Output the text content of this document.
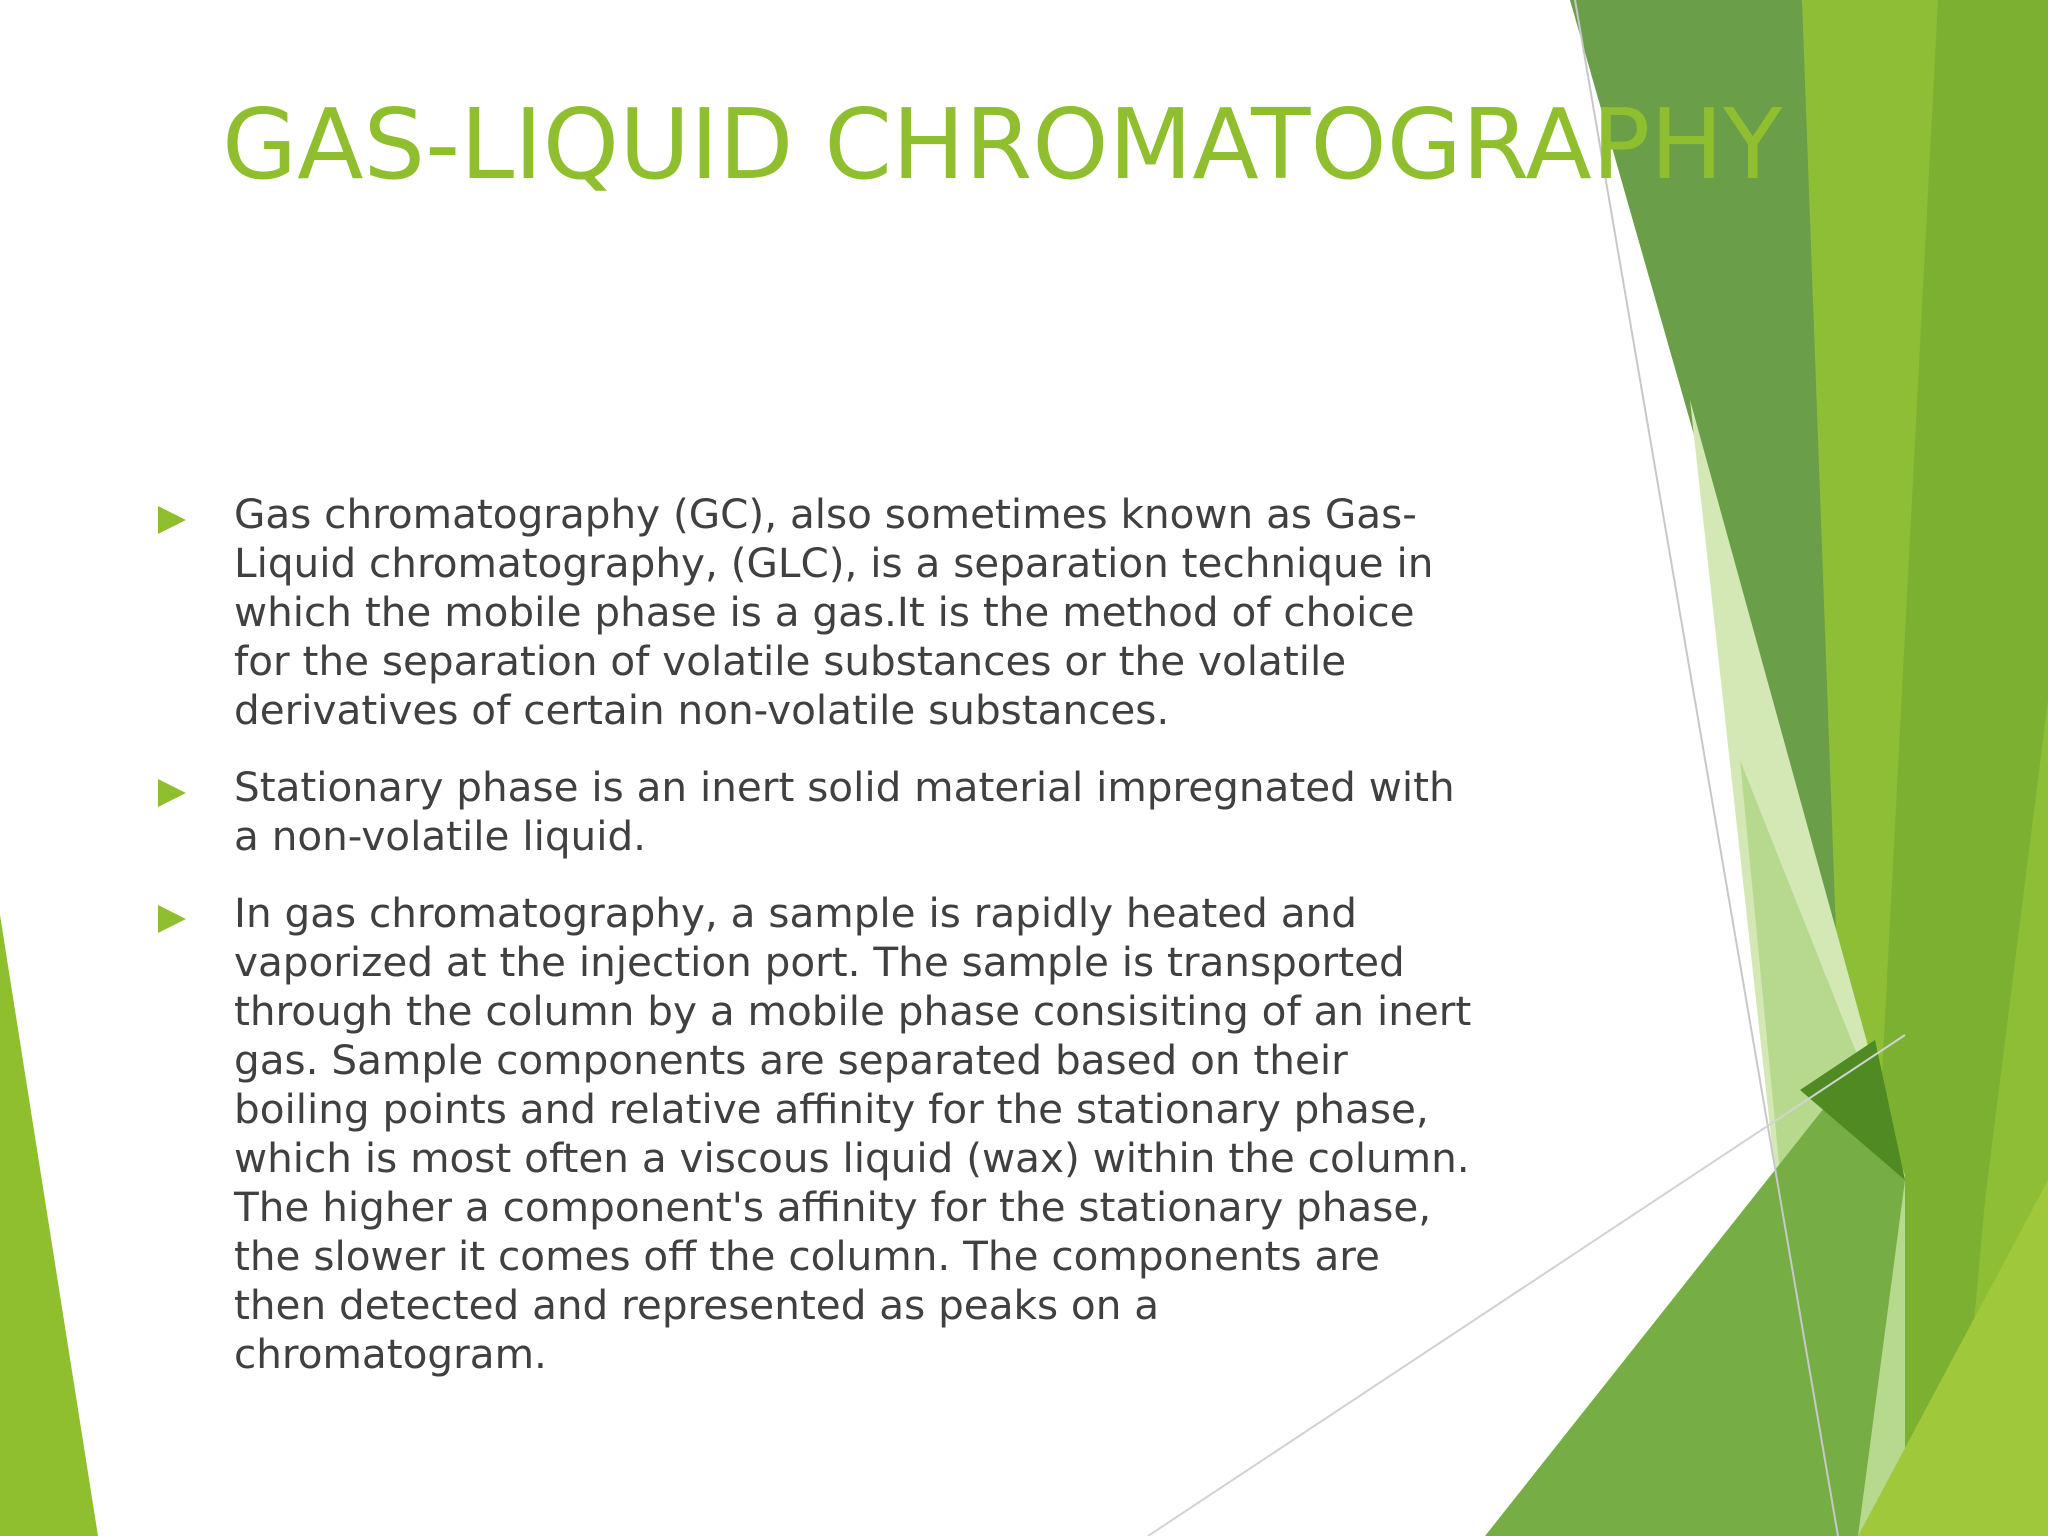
GAS-LIQUID CHROMATOGRAPHY
Gas chromatography (GC), also sometimes known as Gas-Liquid chromatography, (GLC), is a separation technique in which the mobile phase is a gas.It is the method of choice for the separation of volatile substances or the volatile derivatives of certain non-volatile substances.
Stationary phase is an inert solid material impregnated with a non-volatile liquid.
In gas chromatography, a sample is rapidly heated and vaporized at the injection port. The sample is transported through the column by a mobile phase consisiting of an inert gas. Sample components are separated based on their boiling points and relative affinity for the stationary phase, which is most often a viscous liquid (wax) within the column. The higher a component's affinity for the stationary phase, the slower it comes off the column. The components are then detected and represented as peaks on a chromatogram.
